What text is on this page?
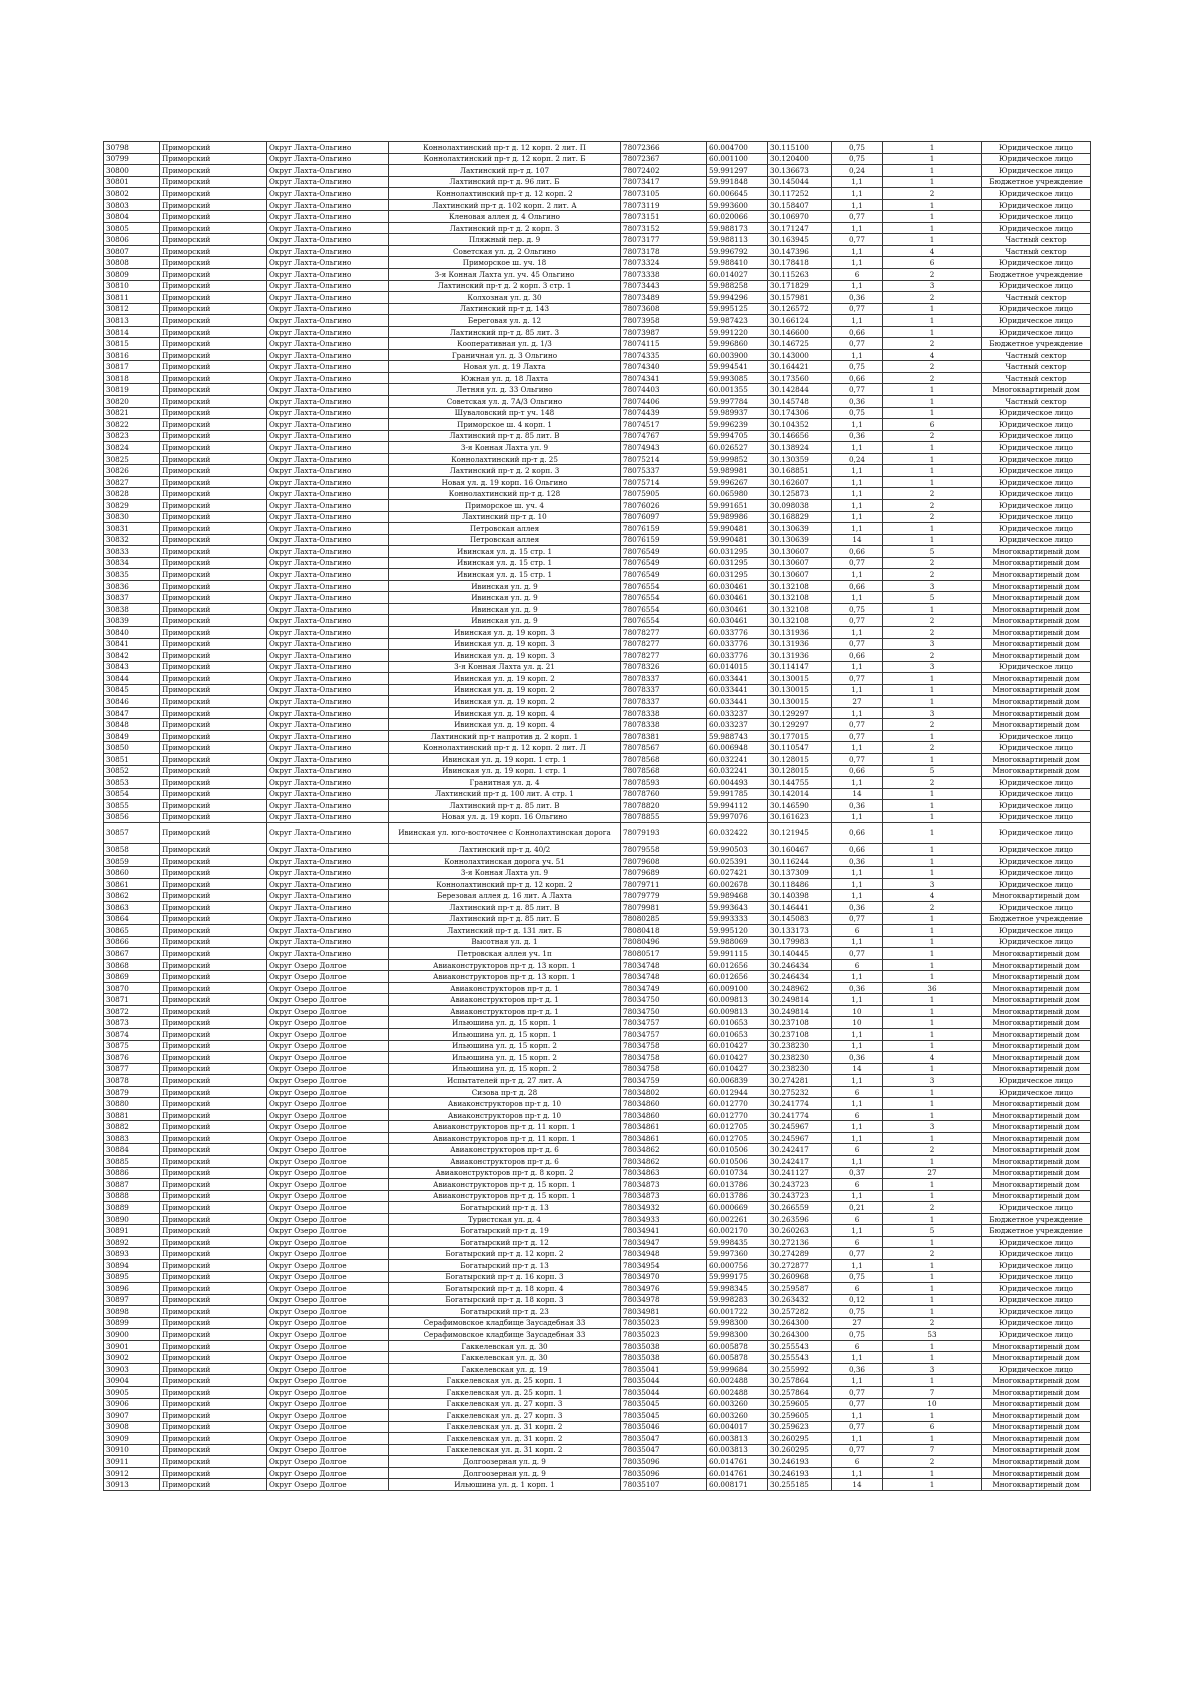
30798	Приморский	Округ Лахта-Ольгино	Коннолахтинский пр-т д. 12 корп. 2 лит. П	78072366	60.004700	30.115100	0,75	1	Юридическое лицо
30799	Приморский	Округ Лахта-Ольгино	Коннолахтинский пр-т д. 12 корп. 2 лит. Б	78072367	60.001100	30.120400	0,75	1	Юридическое лицо
30800	Приморский	Округ Лахта-Ольгино	Лахтинский пр-т д. 107	78072402	59.991297	30.136673	0,24	1	Юридическое лицо
30801	Приморский	Округ Лахта-Ольгино	Лахтинский пр-т д. 96 лит. Б	78073417	59.991848	30.145044	1,1	1	Бюджетное учреждение
30802	Приморский	Округ Лахта-Ольгино	Коннолахтинский пр-т д. 12 корп. 2	78073105	60.006645	30.117252	1,1	2	Юридическое лицо
30803	Приморский	Округ Лахта-Ольгино	Лахтинский пр-т д. 102 корп. 2 лит. А	78073119	59.993600	30.158407	1,1	1	Юридическое лицо
30804	Приморский	Округ Лахта-Ольгино	Кленовая аллея д. 4 Ольгино	78073151	60.020066	30.106970	0,77	1	Юридическое лицо
30805	Приморский	Округ Лахта-Ольгино	Лахтинский пр-т д. 2 корп. 3	78073152	59.988173	30.171247	1,1	1	Юридическое лицо
30806	Приморский	Округ Лахта-Ольгино	Пляжный пер. д. 9	78073177	59.988113	30.163945	0,77	1	Частный сектор
30807	Приморский	Округ Лахта-Ольгино	Советская ул. д. 2 Ольгино	78073178	59.996792	30.147396	1,1	4	Частный сектор
30808	Приморский	Округ Лахта-Ольгино	Приморское ш. уч. 18	78073324	59.988410	30.178418	1,1	6	Юридическое лицо
30809	Приморский	Округ Лахта-Ольгино	3-я Конная Лахта ул. уч. 45 Ольгино	78073338	60.014027	30.115263	6	2	Бюджетное учреждение
30810	Приморский	Округ Лахта-Ольгино	Лахтинский пр-т д. 2 корп. 3 стр. 1	78073443	59.988258	30.171829	1,1	3	Юридическое лицо
30811	Приморский	Округ Лахта-Ольгино	Колхозная ул. д. 30	78073489	59.994296	30.157981	0,36	2	Частный сектор
30812	Приморский	Округ Лахта-Ольгино	Лахтинский пр-т д. 143	78073608	59.995125	30.126572	0,77	1	Юридическое лицо
30813	Приморский	Округ Лахта-Ольгино	Береговая ул. д. 12	78073958	59.987423	30.166124	1,1	1	Юридическое лицо
30814	Приморский	Округ Лахта-Ольгино	Лахтинский пр-т д. 85 лит. 3	78073987	59.991220	30.146600	0,66	1	Юридическое лицо
30815	Приморский	Округ Лахта-Ольгино	Кооперативная ул. д. 1/3	78074115	59.996860	30.146725	0,77	2	Бюджетное учреждение
30816	Приморский	Округ Лахта-Ольгино	Граничная ул. д. 3 Ольгино	78074335	60.003900	30.143000	1,1	4	Частный сектор
30817	Приморский	Округ Лахта-Ольгино	Новая ул. д. 19 Лахта	78074340	59.994541	30.164421	0,75	2	Частный сектор
30818	Приморский	Округ Лахта-Ольгино	Южная ул. д. 18 Лахта	78074341	59.993085	30.173560	0,66	2	Частный сектор
30819	Приморский	Округ Лахта-Ольгино	Летняя ул. д. 33 Ольгино	78074403	60.001355	30.142844	0,77	1	Многоквартирный дом
30820	Приморский	Округ Лахта-Ольгино	Советская ул. д. 7А/3 Ольгино	78074406	59.997784	30.145748	0,36	1	Частный сектор
30821	Приморский	Округ Лахта-Ольгино	Шуваловский пр-т уч. 148	78074439	59.989937	30.174306	0,75	1	Юридическое лицо
30822	Приморский	Округ Лахта-Ольгино	Приморское ш. 4 корп. 1	78074517	59.996239	30.104352	1,1	6	Юридическое лицо
30823	Приморский	Округ Лахта-Ольгино	Лахтинский пр-т д. 85 лит. В	78074767	59.994705	30.146656	0,36	2	Юридическое лицо
30824	Приморский	Округ Лахта-Ольгино	3-я Конная Лахта ул. 9	78074943	60.026527	30.138924	1,1	1	Юридическое лицо
30825	Приморский	Округ Лахта-Ольгино	Коннолахтинский пр-т д. 25	78075214	59.999852	30.130359	0,24	1	Юридическое лицо
30826	Приморский	Округ Лахта-Ольгино	Лахтинский пр-т д. 2 корп. 3	78075337	59.989981	30.168851	1,1	1	Юридическое лицо
30827	Приморский	Округ Лахта-Ольгино	Новая ул. д. 19 корп. 16 Ольгино	78075714	59.996267	30.162607	1,1	1	Юридическое лицо
30828	Приморский	Округ Лахта-Ольгино	Коннолахтинский пр-т д. 128	78075905	60.065980	30.125873	1,1	2	Юридическое лицо
30829	Приморский	Округ Лахта-Ольгино	Приморское ш. уч. 4	78076026	59.991651	30.098038	1,1	2	Юридическое лицо
30830	Приморский	Округ Лахта-Ольгино	Лахтинский пр-т д. 10	78076097	59.989986	30.168829	1,1	2	Юридическое лицо
30831	Приморский	Округ Лахта-Ольгино	Петровская аллея	78076159	59.990481	30.130639	1,1	1	Юридическое лицо
30832	Приморский	Округ Лахта-Ольгино	Петровская аллея	78076159	59.990481	30.130639	14	1	Юридическое лицо
30833	Приморский	Округ Лахта-Ольгино	Ивинская ул. д. 15 стр. 1	78076549	60.031295	30.130607	0,66	5	Многоквартирный дом
30834	Приморский	Округ Лахта-Ольгино	Ивинская ул. д. 15 стр. 1	78076549	60.031295	30.130607	0,77	2	Многоквартирный дом
30835	Приморский	Округ Лахта-Ольгино	Ивинская ул. д. 15 стр. 1	78076549	60.031295	30.130607	1,1	2	Многоквартирный дом
30836	Приморский	Округ Лахта-Ольгино	Ивинская ул. д. 9	78076554	60.030461	30.132108	0,66	3	Многоквартирный дом
30837	Приморский	Округ Лахта-Ольгино	Ивинская ул. д. 9	78076554	60.030461	30.132108	1,1	5	Многоквартирный дом
30838	Приморский	Округ Лахта-Ольгино	Ивинская ул. д. 9	78076554	60.030461	30.132108	0,75	1	Многоквартирный дом
30839	Приморский	Округ Лахта-Ольгино	Ивинская ул. д. 9	78076554	60.030461	30.132108	0,77	2	Многоквартирный дом
30840	Приморский	Округ Лахта-Ольгино	Ивинская ул. д. 19 корп. 3	78078277	60.033776	30.131936	1,1	2	Многоквартирный дом
30841	Приморский	Округ Лахта-Ольгино	Ивинская ул. д. 19 корп. 3	78078277	60.033776	30.131936	0,77	3	Многоквартирный дом
30842	Приморский	Округ Лахта-Ольгино	Ивинская ул. д. 19 корп. 3	78078277	60.033776	30.131936	0,66	2	Многоквартирный дом
30843	Приморский	Округ Лахта-Ольгино	3-я Конная Лахта ул. д. 21	78078326	60.014015	30.114147	1,1	3	Юридическое лицо
30844	Приморский	Округ Лахта-Ольгино	Ивинская ул. д. 19 корп. 2	78078337	60.033441	30.130015	0,77	1	Многоквартирный дом
30845	Приморский	Округ Лахта-Ольгино	Ивинская ул. д. 19 корп. 2	78078337	60.033441	30.130015	1,1	1	Многоквартирный дом
30846	Приморский	Округ Лахта-Ольгино	Ивинская ул. д. 19 корп. 2	78078337	60.033441	30.130015	27	1	Многоквартирный дом
30847	Приморский	Округ Лахта-Ольгино	Ивинская ул. д. 19 корп. 4	78078338	60.033237	30.129297	1,1	3	Многоквартирный дом
30848	Приморский	Округ Лахта-Ольгино	Ивинская ул. д. 19 корп. 4	78078338	60.033237	30.129297	0,77	2	Многоквартирный дом
30849	Приморский	Округ Лахта-Ольгино	Лахтинский пр-т напротив д. 2 корп. 1	78078381	59.988743	30.177015	0,77	1	Юридическое лицо
30850	Приморский	Округ Лахта-Ольгино	Коннолахтинский пр-т д. 12 корп. 2 лит. Л	78078567	60.006948	30.110547	1,1	2	Юридическое лицо
30851	Приморский	Округ Лахта-Ольгино	Ивинская ул. д. 19 корп. 1 стр. 1	78078568	60.032241	30.128015	0,77	1	Многоквартирный дом
30852	Приморский	Округ Лахта-Ольгино	Ивинская ул. д. 19 корп. 1 стр. 1	78078568	60.032241	30.128015	0,66	5	Многоквартирный дом
30853	Приморский	Округ Лахта-Ольгино	Гранитная ул. д. 4	78078593	60.004493	30.144755	1,1	2	Юридическое лицо
30854	Приморский	Округ Лахта-Ольгино	Лахтинский пр-т д. 100 лит. А стр. 1	78078760	59.991785	30.142014	14	1	Юридическое лицо
30855	Приморский	Округ Лахта-Ольгино	Лахтинский пр-т д. 85 лит. В	78078820	59.994112	30.146590	0,36	1	Юридическое лицо
30856	Приморский	Округ Лахта-Ольгино	Новая ул. д. 19 корп. 16 Ольгино	78078855	59.997076	30.161623	1,1	1	Юридическое лицо
30857	Приморский	Округ Лахта-Ольгино	Ивинская ул. юго-восточнее с Коннолахтинская дорога	78079193	60.032422	30.121945	0,66	1	Юридическое лицо
30858	Приморский	Округ Лахта-Ольгино	Лахтинский пр-т д. 40/2	78079558	59.990503	30.160467	0,66	1	Юридическое лицо
30859	Приморский	Округ Лахта-Ольгино	Коннолахтинская дорога уч. 51	78079608	60.025391	30.116244	0,36	1	Юридическое лицо
30860	Приморский	Округ Лахта-Ольгино	3-я Конная Лахта ул. 9	78079689	60.027421	30.137309	1,1	1	Юридическое лицо
30861	Приморский	Округ Лахта-Ольгино	Коннолахтинский пр-т д. 12 корп. 2	78079711	60.002678	30.118486	1,1	3	Юридическое лицо
30862	Приморский	Округ Лахта-Ольгино	Березовая аллея д. 16 лит. А Лахта	78079779	59.989468	30.140398	1,1	4	Многоквартирный дом
30863	Приморский	Округ Лахта-Ольгино	Лахтинский пр-т д. 85 лит. В	78079981	59.993643	30.146441	0,36	2	Юридическое лицо
30864	Приморский	Округ Лахта-Ольгино	Лахтинский пр-т д. 85 лит. Б	78080285	59.993333	30.145083	0,77	1	Бюджетное учреждение
30865	Приморский	Округ Лахта-Ольгино	Лахтинский пр-т д. 131 лит. Б	78080418	59.995120	30.133173	6	1	Юридическое лицо
30866	Приморский	Округ Лахта-Ольгино	Высотная ул. д. 1	78080496	59.988069	30.179983	1,1	1	Юридическое лицо
30867	Приморский	Округ Лахта-Ольгино	Петровская аллея уч. 1п	78080517	59.991115	30.140445	0,77	1	Многоквартирный дом
30868	Приморский	Округ Озеро Долгое	Авиаконструкторов пр-т д. 13 корп. 1	78034748	60.012656	30.246434	6	1	Многоквартирный дом
30869	Приморский	Округ Озеро Долгое	Авиаконструкторов пр-т д. 13 корп. 1	78034748	60.012656	30.246434	1,1	1	Многоквартирный дом
30870	Приморский	Округ Озеро Долгое	Авиаконструкторов пр-т д. 1	78034749	60.009100	30.248962	0,36	36	Многоквартирный дом
30871	Приморский	Округ Озеро Долгое	Авиаконструкторов пр-т д. 1	78034750	60.009813	30.249814	1,1	1	Многоквартирный дом
30872	Приморский	Округ Озеро Долгое	Авиаконструкторов пр-т д. 1	78034750	60.009813	30.249814	10	1	Многоквартирный дом
30873	Приморский	Округ Озеро Долгое	Ильюшина ул. д. 15 корп. 1	78034757	60.010653	30.237108	10	1	Многоквартирный дом
30874	Приморский	Округ Озеро Долгое	Ильюшина ул. д. 15 корп. 1	78034757	60.010653	30.237108	1,1	1	Многоквартирный дом
30875	Приморский	Округ Озеро Долгое	Ильюшина ул. д. 15 корп. 2	78034758	60.010427	30.238230	1,1	1	Многоквартирный дом
30876	Приморский	Округ Озеро Долгое	Ильюшина ул. д. 15 корп. 2	78034758	60.010427	30.238230	0,36	4	Многоквартирный дом
30877	Приморский	Округ Озеро Долгое	Ильюшина ул. д. 15 корп. 2	78034758	60.010427	30.238230	14	1	Многоквартирный дом
30878	Приморский	Округ Озеро Долгое	Испытателей пр-т д. 27 лит. А	78034759	60.006839	30.274281	1,1	3	Юридическое лицо
30879	Приморский	Округ Озеро Долгое	Сизова пр-т д. 28	78034802	60.012944	30.275232	6	1	Юридическое лицо
30880	Приморский	Округ Озеро Долгое	Авиаконструкторов пр-т д. 10	78034860	60.012770	30.241774	1,1	1	Многоквартирный дом
30881	Приморский	Округ Озеро Долгое	Авиаконструкторов пр-т д. 10	78034860	60.012770	30.241774	6	1	Многоквартирный дом
30882	Приморский	Округ Озеро Долгое	Авиаконструкторов пр-т д. 11 корп. 1	78034861	60.012705	30.245967	1,1	3	Многоквартирный дом
30883	Приморский	Округ Озеро Долгое	Авиаконструкторов пр-т д. 11 корп. 1	78034861	60.012705	30.245967	1,1	1	Многоквартирный дом
30884	Приморский	Округ Озеро Долгое	Авиаконструкторов пр-т д. 6	78034862	60.010506	30.242417	6	2	Многоквартирный дом
30885	Приморский	Округ Озеро Долгое	Авиаконструкторов пр-т д. 6	78034862	60.010506	30.242417	1,1	1	Многоквартирный дом
30886	Приморский	Округ Озеро Долгое	Авиаконструкторов пр-т д. 8 корп. 2	78034863	60.010734	30.241127	0,37	27	Многоквартирный дом
30887	Приморский	Округ Озеро Долгое	Авиаконструкторов пр-т д. 15 корп. 1	78034873	60.013786	30.243723	6	1	Многоквартирный дом
30888	Приморский	Округ Озеро Долгое	Авиаконструкторов пр-т д. 15 корп. 1	78034873	60.013786	30.243723	1,1	1	Многоквартирный дом
30889	Приморский	Округ Озеро Долгое	Богатырский пр-т д. 13	78034932	60.000669	30.266559	0,21	2	Юридическое лицо
30890	Приморский	Округ Озеро Долгое	Туристская ул. д. 4	78034933	60.002261	30.263596	6	1	Бюджетное учреждение
30891	Приморский	Округ Озеро Долгое	Богатырский пр-т д. 19	78034941	60.002170	30.260263	1,1	5	Бюджетное учреждение
30892	Приморский	Округ Озеро Долгое	Богатырский пр-т д. 12	78034947	59.998435	30.272136	6	1	Юридическое лицо
30893	Приморский	Округ Озеро Долгое	Богатырский пр-т д. 12 корп. 2	78034948	59.997360	30.274289	0,77	2	Юридическое лицо
30894	Приморский	Округ Озеро Долгое	Богатырский пр-т д. 13	78034954	60.000756	30.272877	1,1	1	Юридическое лицо
30895	Приморский	Округ Озеро Долгое	Богатырский пр-т д. 16 корп. 3	78034970	59.999175	30.260968	0,75	1	Юридическое лицо
30896	Приморский	Округ Озеро Долгое	Богатырский пр-т д. 18 корп. 4	78034976	59.998345	30.259587	6	1	Юридическое лицо
30897	Приморский	Округ Озеро Долгое	Богатырский пр-т д. 18 корп. 3	78034978	59.998283	30.263432	0,12	1	Юридическое лицо
30898	Приморский	Округ Озеро Долгое	Богатырский пр-т д. 23	78034981	60.001722	30.257282	0,75	1	Юридическое лицо
30899	Приморский	Округ Озеро Долгое	Серафимовское кладбище Заусадебная 33	78035023	59.998300	30.264300	27	2	Юридическое лицо
30900	Приморский	Округ Озеро Долгое	Серафимовское кладбище Заусадебная 33	78035023	59.998300	30.264300	0,75	53	Юридическое лицо
30901	Приморский	Округ Озеро Долгое	Гаккелевская ул. д. 30	78035038	60.005878	30.255543	6	1	Многоквартирный дом
30902	Приморский	Округ Озеро Долгое	Гаккелевская ул. д. 30	78035038	60.005878	30.255543	1,1	1	Многоквартирный дом
30903	Приморский	Округ Озеро Долгое	Гаккелевская ул. д. 19	78035041	59.999684	30.255992	0,36	3	Юридическое лицо
30904	Приморский	Округ Озеро Долгое	Гаккелевская ул. д. 25 корп. 1	78035044	60.002488	30.257864	1,1	1	Многоквартирный дом
30905	Приморский	Округ Озеро Долгое	Гаккелевская ул. д. 25 корп. 1	78035044	60.002488	30.257864	0,77	7	Многоквартирный дом
30906	Приморский	Округ Озеро Долгое	Гаккелевская ул. д. 27 корп. 3	78035045	60.003260	30.259605	0,77	10	Многоквартирный дом
30907	Приморский	Округ Озеро Долгое	Гаккелевская ул. д. 27 корп. 3	78035045	60.003260	30.259605	1,1	1	Многоквартирный дом
30908	Приморский	Округ Озеро Долгое	Гаккелевская ул. д. 31 корп. 2	78035046	60.004017	30.259623	0,77	6	Многоквартирный дом
30909	Приморский	Округ Озеро Долгое	Гаккелевская ул. д. 31 корп. 2	78035047	60.003813	30.260295	1,1	1	Многоквартирный дом
30910	Приморский	Округ Озеро Долгое	Гаккелевская ул. д. 31 корп. 2	78035047	60.003813	30.260295	0,77	7	Многоквартирный дом
30911	Приморский	Округ Озеро Долгое	Долгоозерная ул. д. 9	78035096	60.014761	30.246193	6	2	Многоквартирный дом
30912	Приморский	Округ Озеро Долгое	Долгоозерная ул. д. 9	78035096	60.014761	30.246193	1,1	1	Многоквартирный дом
30913	Приморский	Округ Озеро Долгое	Ильюшина ул. д. 1 корп. 1	78035107	60.008171	30.255185	14	1	Многоквартирный дом
